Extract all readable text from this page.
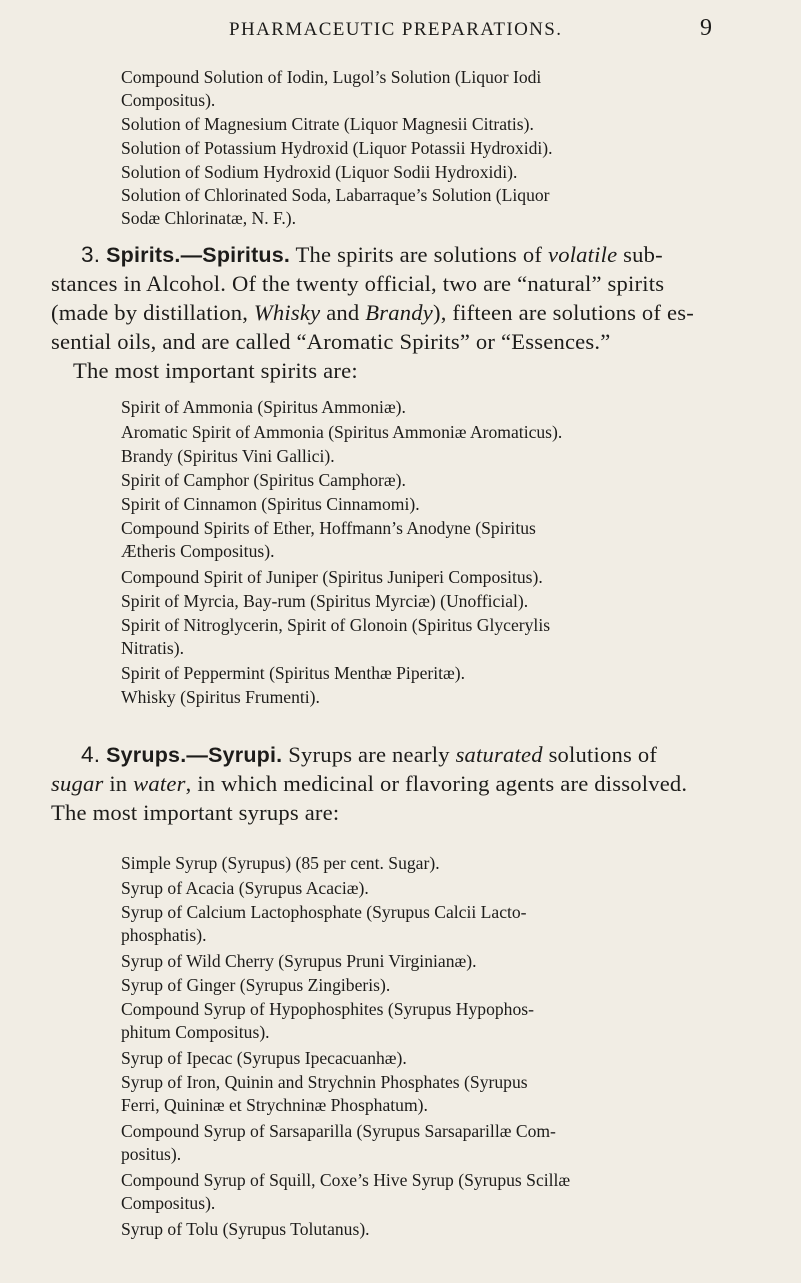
PHARMACEUTIC PREPARATIONS.	9
Compound Solution of Iodin, Lugol’s Solution (Liquor Iodi
Compositus).
Solution of Magnesium Citrate (Liquor Magnesii Citratis).
Solution of Potassium Hydroxid (Liquor Potassii Hydroxidi).
Solution of Sodium Hydroxid (Liquor Sodii Hydroxidi).
Solution of Chlorinated Soda, Labarraque’s Solution (Liquor
Sodæ Chlorinatæ, N. F.).
3. Spirits.—Spiritus. The spirits are solutions of volatile sub-
stances in Alcohol. Of the twenty official, two are “natural” spirits
(made by distillation, Whisky and Brandy), fifteen are solutions of es-
sential oils, and are called “Aromatic Spirits” or “Essences.”
The most important spirits are:
Spirit of Ammonia (Spiritus Ammoniæ).
Aromatic Spirit of Ammonia (Spiritus Ammoniæ Aromaticus).
Brandy (Spiritus Vini Gallici).
Spirit of Camphor (Spiritus Camphoræ).
Spirit of Cinnamon (Spiritus Cinnamomi).
Compound Spirits of Ether, Hoffmann’s Anodyne (Spiritus
Ætheris Compositus).
Compound Spirit of Juniper (Spiritus Juniperi Compositus).
Spirit of Myrcia, Bay-rum (Spiritus Myrciæ) (Unofficial).
Spirit of Nitroglycerin, Spirit of Glonoin (Spiritus Glycerylis
Nitratis).
Spirit of Peppermint (Spiritus Menthæ Piperitæ).
Whisky (Spiritus Frumenti).
4. Syrups.—Syrupi. Syrups are nearly saturated solutions of
sugar in water, in which medicinal or flavoring agents are dissolved.
The most important syrups are:
Simple Syrup (Syrupus) (85 per cent. Sugar).
Syrup of Acacia (Syrupus Acaciæ).
Syrup of Calcium Lactophosphate (Syrupus Calcii Lacto-
phosphatis).
Syrup of Wild Cherry (Syrupus Pruni Virginianæ).
Syrup of Ginger (Syrupus Zingiberis).
Compound Syrup of Hypophosphites (Syrupus Hypophos-
phitum Compositus).
Syrup of Ipecac (Syrupus Ipecacuanhæ).
Syrup of Iron, Quinin and Strychnin Phosphates (Syrupus
Ferri, Quininæ et Strychninæ Phosphatum).
Compound Syrup of Sarsaparilla (Syrupus Sarsaparillæ Com-
positus).
Compound Syrup of Squill, Coxe’s Hive Syrup (Syrupus Scillæ
Compositus).
Syrup of Tolu (Syrupus Tolutanus).
